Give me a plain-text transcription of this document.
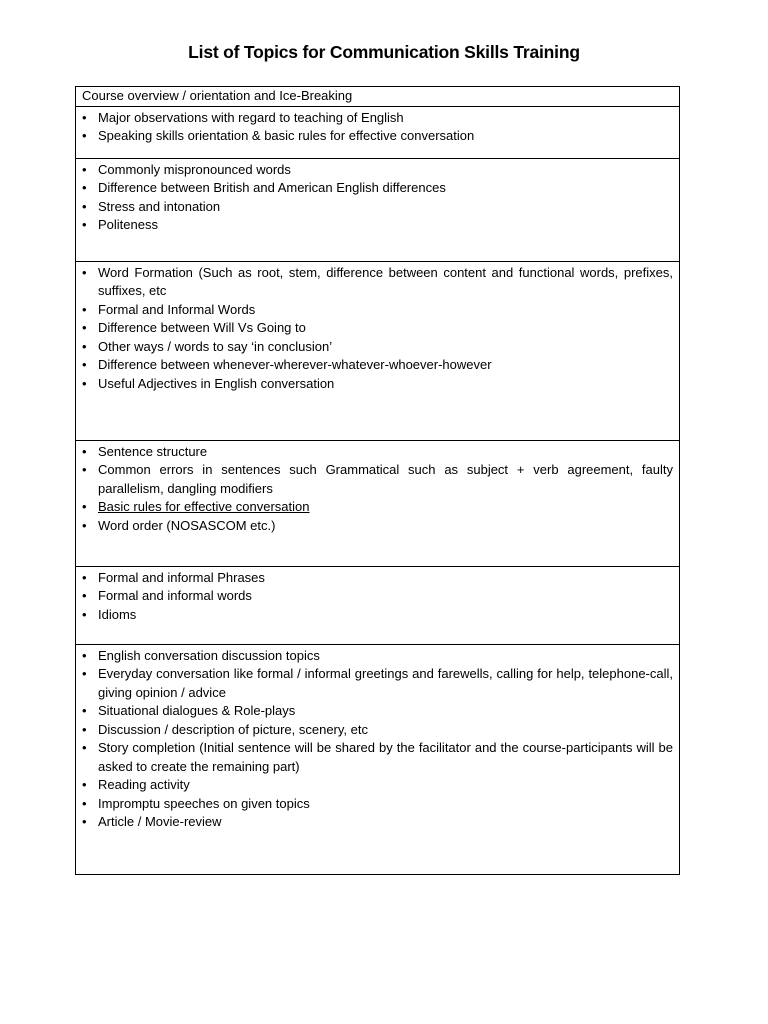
List of Topics for Communication Skills Training
Course overview / orientation and Ice-Breaking

• Major observations with regard to teaching of English
• Speaking skills orientation & basic rules for effective conversation

• Commonly mispronounced words
• Difference between British and American English differences
• Stress and intonation
• Politeness

• Word Formation (Such as root, stem, difference between content and functional words, prefixes, suffixes, etc
• Formal and Informal Words
• Difference between Will Vs Going to
• Other ways / words to say ‘in conclusion’
• Difference between whenever-wherever-whatever-whoever-however
• Useful Adjectives in English conversation

• Sentence structure
• Common errors in sentences such Grammatical such as subject + verb agreement, faulty parallelism, dangling modifiers
• Basic rules for effective conversation
• Word order (NOSASCOM etc.)

• Formal and informal Phrases
• Formal and informal words
• Idioms

• English conversation discussion topics
• Everyday conversation like formal / informal greetings and farewells, calling for help, telephone-call, giving opinion / advice
• Situational dialogues & Role-plays
• Discussion / description of picture, scenery, etc
• Story completion (Initial sentence will be shared by the facilitator and the course-participants will be asked to create the remaining part)
• Reading activity
• Impromptu speeches on given topics
• Article / Movie-review
